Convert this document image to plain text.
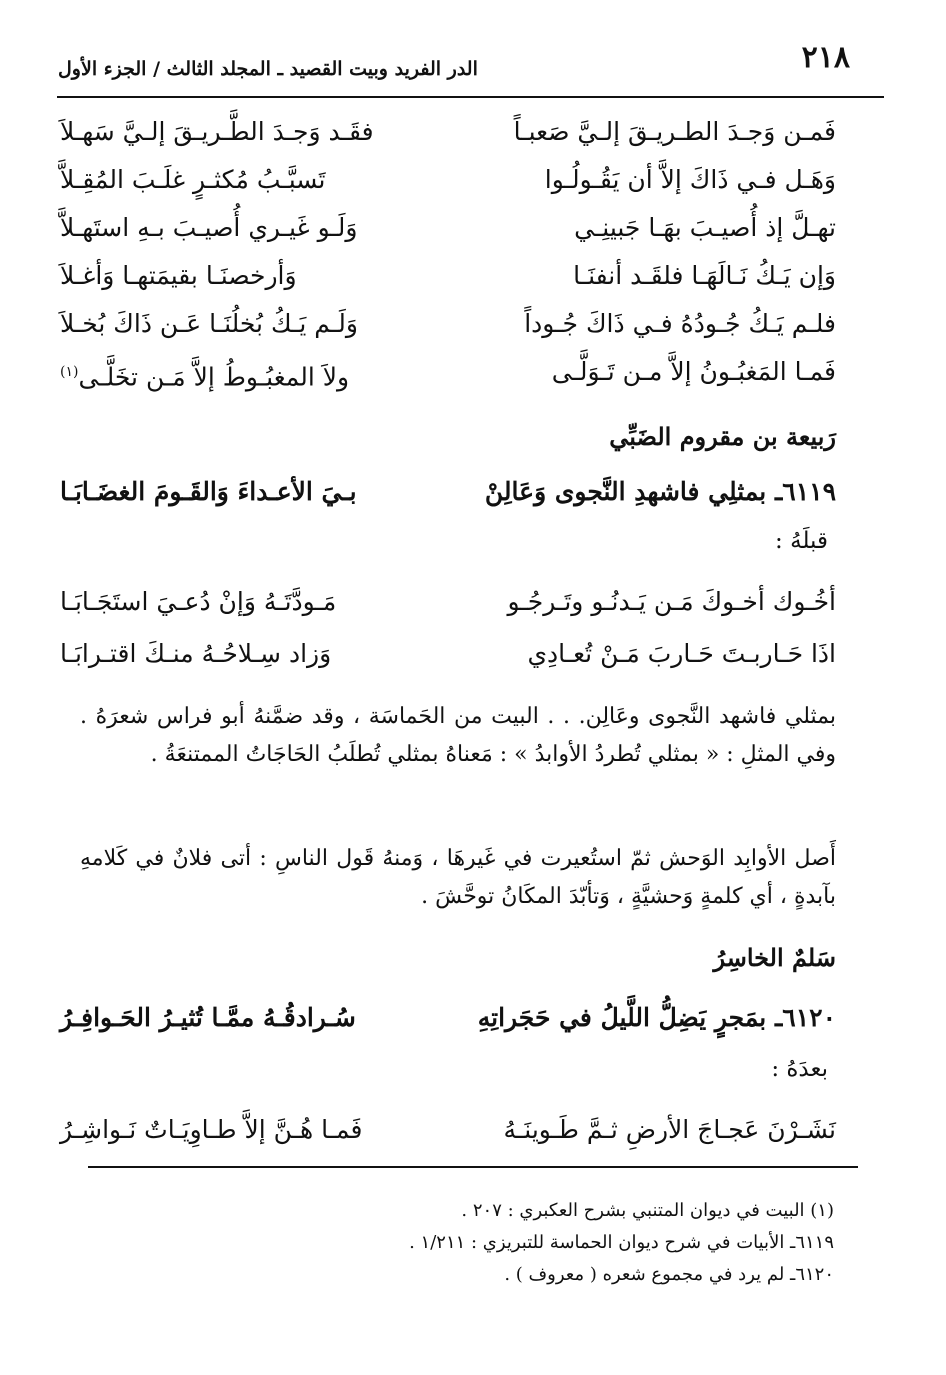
٢١٨
الدر الفريد وبيت القصيد ـ المجلد الثالث / الجزء الأول
فَمـن وَجـدَ الطـريـقَ إلـيَّ صَعبـاً
فقَـد وَجـدَ الطَّـريـقَ إلـيَّ سَهـلاَ
وَهَـل فـي ذَاكَ إلاَّ أن يَقُـولُـوا
تَسبَّـبُ مُكثـرٍ غلَـبَ المُقِـلاَّ
تهـلَّ إذ أُصيـبَ بهَـا جَبينِـي
وَلَـو غَيـري أُصيـبَ بـهِ استَهـلاَّ
وَإن يَـكُ نَـالَهَـا فلقَـد أنفنَـا
وَأرخصنَـا بقيمَتهـا وَأغـلاَ
فلـم يَـكُ جُـودُهُ فـي ذَاكَ جُـوداً
وَلَـم يَـكُ بُخلُنَـا عَـن ذَاكَ بُخـلاَ
فَمـا المَغبُـونُ إلاَّ مـن تَـوَلَّـى
ولاَ المغبُـوطُ إلاَّ مَـن تخَلَّـى$^{(١)}$
رَبيعة بن مقروم الضَبِّي
٦١١٩ـ بمثلِي فاشهدِ النَّجوى وَعَالِنْ
بـيَ الأعـداءَ وَالقَـومَ الغضَـابَـا
قبلَهُ :
أخُـوك أخـوكَ مَـن يَـدنُـو وتَـرجُـو
مَـودَّتَـهُ وَإنْ دُعـيَ استَجَـابَـا
اذَا حَـاربـتَ حَـاربَ مَـنْ تُعـادِي
وَزاد سِـلاحُـهُ منـكَ اقتـرابَـا

بمثلي فاشهد النَّجوى وعَالِن. . . البيت من الحَماسَة ، وقد ضمَّنهُ أبو فراس شعرَهُ . وفي المثلِ : « بمثلي تُطردُ الأوابدُ » : مَعناهُ بمثلي تُطلَبُ الحَاجَاتُ الممتنعَةُ .

أَصل الأوابِد الوَحش ثمّ استُعيرت في غَيرهَا ، وَمنهُ قَول الناسِ : أتى فلانٌ في كَلامهِ بآبدةٍ ، أي كلمةٍ وَحشيَّةٍ ، وَتأبّدَ المكَانُ توحَّشَ .

سَلمٌ الخاسِرُ
٦١٢٠ـ بمَجرٍ يَضِلُّ اللَّيلُ في حَجَراتِهِ
سُـرادقُـهُ ممَّـا تُثيـرُ الحَـوافِـرُ
بعدَهُ :
نَشَـرْنَ عَجـاجَ الأرضِ ثـمَّ طَـوينَـهُ
فَمـا هُـنَّ إلاَّ طـاوِيَـاتٌ نَـواشِـرُ
(١) البيت في ديوان المتنبي بشرح العكبري : ٢٠٧ .
٦١١٩ـ الأبيات في شرح ديوان الحماسة للتبريزي : ١/٢١١ .
٦١٢٠ـ لم يرد في مجموع شعره ( معروف ) .
